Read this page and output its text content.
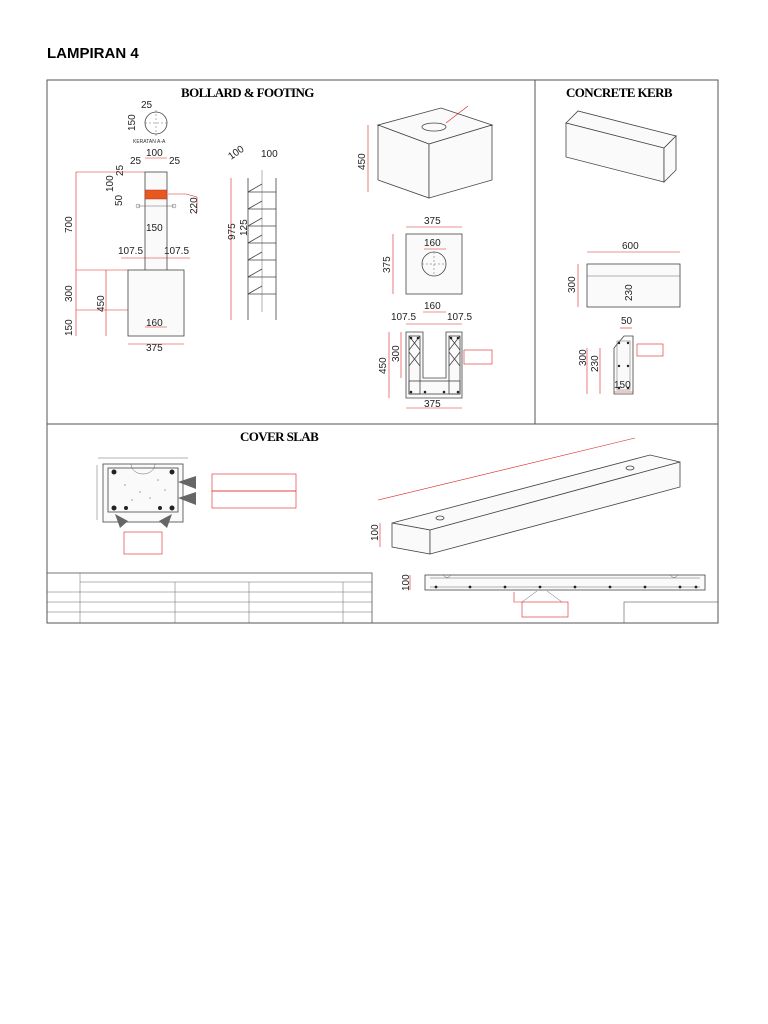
LAMPIRAN 4
BOLLARD & FOOTING	CONCRETE KERB
COVER SLAB
25
150
KERATAN A-A
100
25	25
100
25
50	220
150
700
300
150
450
107.5 107.5
160
375
100 100
975 125
450
375
160
375
160
107.5	107.5
450
300
375
600
300	230
50
300 230
150
100
100
